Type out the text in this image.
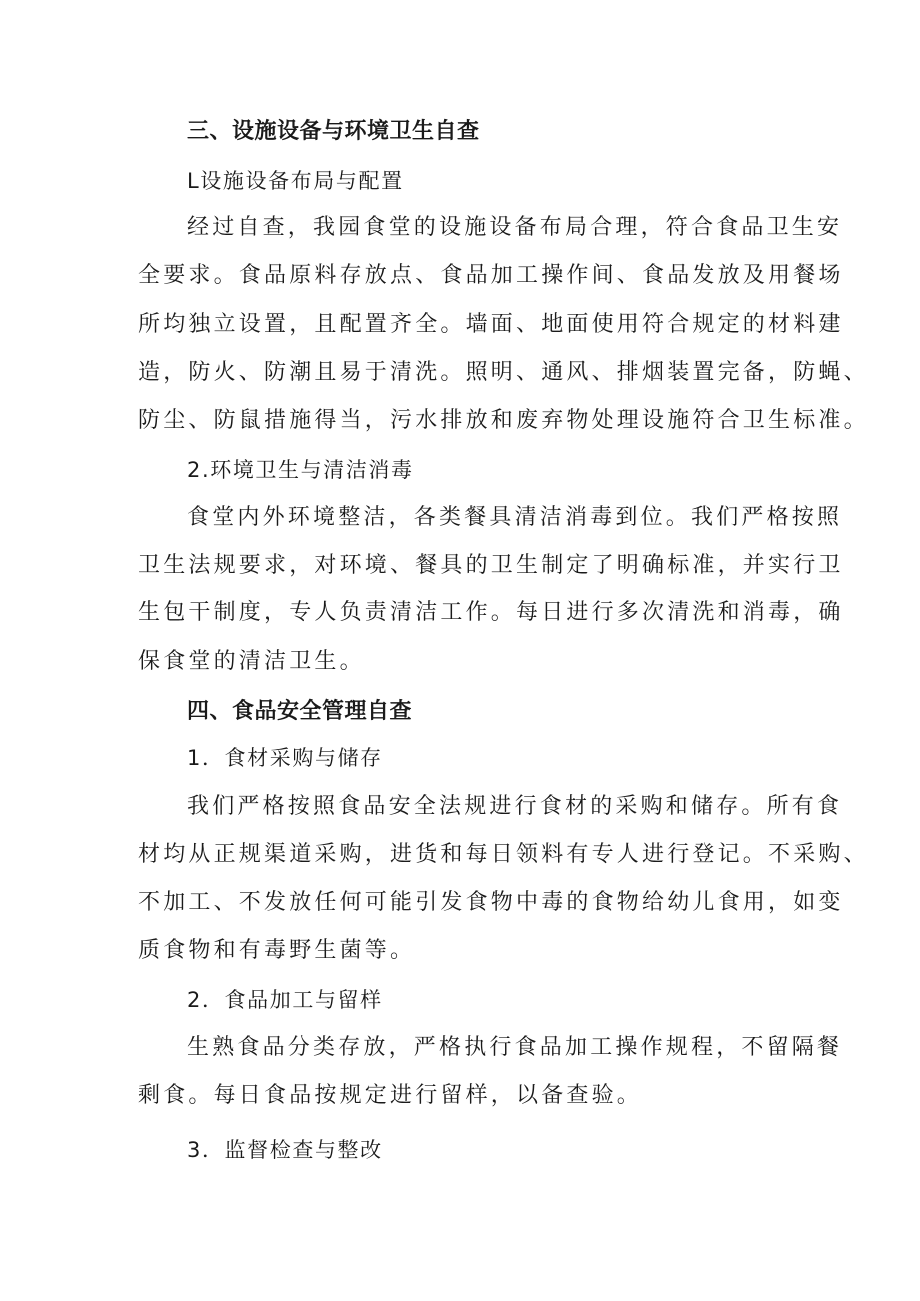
三、设施设备与环境卫生自查
L设施设备布局与配置
经过自查，我园食堂的设施设备布局合理，符合食品卫生安
全要求。食品原料存放点、食品加工操作间、食品发放及用餐场
所均独立设置，且配置齐全。墙面、地面使用符合规定的材料建
造，防火、防潮且易于清洗。照明、通风、排烟装置完备，防蝇、
防尘、防鼠措施得当，污水排放和废弃物处理设施符合卫生标准。
2.环境卫生与清洁消毒
食堂内外环境整洁，各类餐具清洁消毒到位。我们严格按照
卫生法规要求，对环境、餐具的卫生制定了明确标准，并实行卫
生包干制度，专人负责清洁工作。每日进行多次清洗和消毒，确
保食堂的清洁卫生。
四、食品安全管理自查
1．食材采购与储存
我们严格按照食品安全法规进行食材的采购和储存。所有食
材均从正规渠道采购，进货和每日领料有专人进行登记。不采购、
不加工、不发放任何可能引发食物中毒的食物给幼儿食用，如变
质食物和有毒野生菌等。
2．食品加工与留样
生熟食品分类存放，严格执行食品加工操作规程，不留隔餐
剩食。每日食品按规定进行留样，以备查验。
3．监督检查与整改
